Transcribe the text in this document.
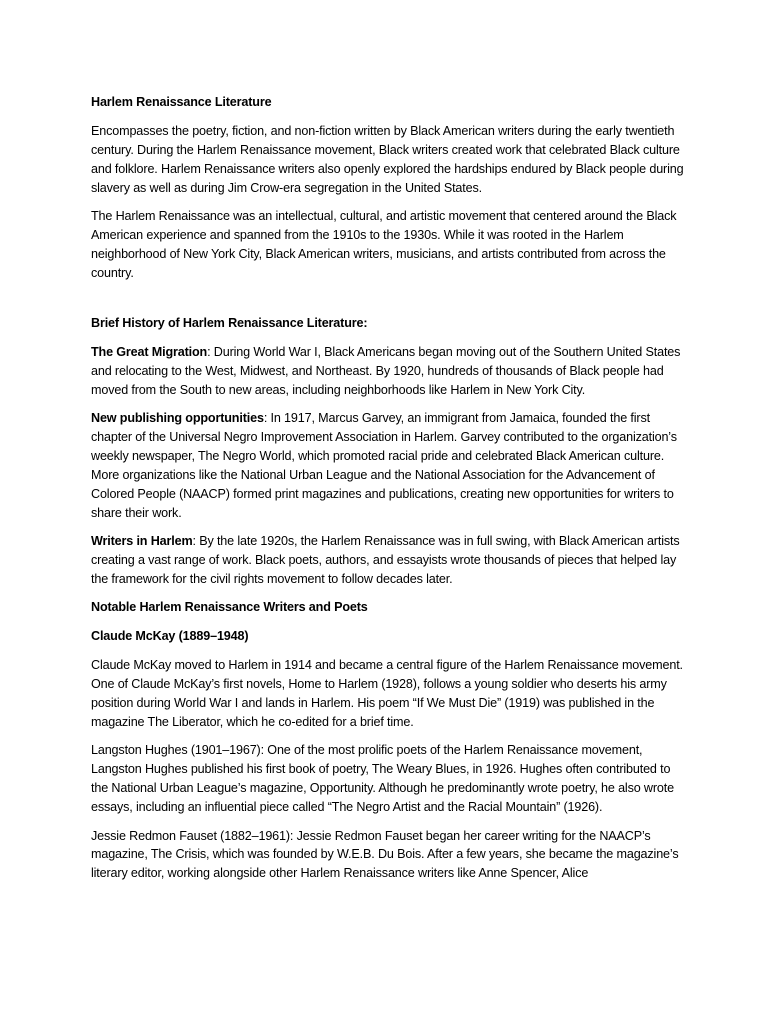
Harlem Renaissance Literature

Encompasses the poetry, fiction, and non-fiction written by Black American writers during the early twentieth century. During the Harlem Renaissance movement, Black writers created work that celebrated Black culture and folklore. Harlem Renaissance writers also openly explored the hardships endured by Black people during slavery as well as during Jim Crow-era segregation in the United States.

The Harlem Renaissance was an intellectual, cultural, and artistic movement that centered around the Black American experience and spanned from the 1910s to the 1930s. While it was rooted in the Harlem neighborhood of New York City, Black American writers, musicians, and artists contributed from across the country.

Brief History of Harlem Renaissance Literature:

The Great Migration: During World War I, Black Americans began moving out of the Southern United States and relocating to the West, Midwest, and Northeast. By 1920, hundreds of thousands of Black people had moved from the South to new areas, including neighborhoods like Harlem in New York City.

New publishing opportunities: In 1917, Marcus Garvey, an immigrant from Jamaica, founded the first chapter of the Universal Negro Improvement Association in Harlem. Garvey contributed to the organization’s weekly newspaper, The Negro World, which promoted racial pride and celebrated Black American culture. More organizations like the National Urban League and the National Association for the Advancement of Colored People (NAACP) formed print magazines and publications, creating new opportunities for writers to share their work.

Writers in Harlem: By the late 1920s, the Harlem Renaissance was in full swing, with Black American artists creating a vast range of work. Black poets, authors, and essayists wrote thousands of pieces that helped lay the framework for the civil rights movement to follow decades later.

Notable Harlem Renaissance Writers and Poets
Claude McKay (1889–1948)

Claude McKay moved to Harlem in 1914 and became a central figure of the Harlem Renaissance movement. One of Claude McKay’s first novels, Home to Harlem (1928), follows a young soldier who deserts his army position during World War I and lands in Harlem. His poem “If We Must Die” (1919) was published in the magazine The Liberator, which he co-edited for a brief time.

Langston Hughes (1901–1967): One of the most prolific poets of the Harlem Renaissance movement, Langston Hughes published his first book of poetry, The Weary Blues, in 1926. Hughes often contributed to the National Urban League’s magazine, Opportunity. Although he predominantly wrote poetry, he also wrote essays, including an influential piece called “The Negro Artist and the Racial Mountain” (1926).

Jessie Redmon Fauset (1882–1961): Jessie Redmon Fauset began her career writing for the NAACP’s magazine, The Crisis, which was founded by W.E.B. Du Bois. After a few years, she became the magazine’s literary editor, working alongside other Harlem Renaissance writers like Anne Spencer, Alice
